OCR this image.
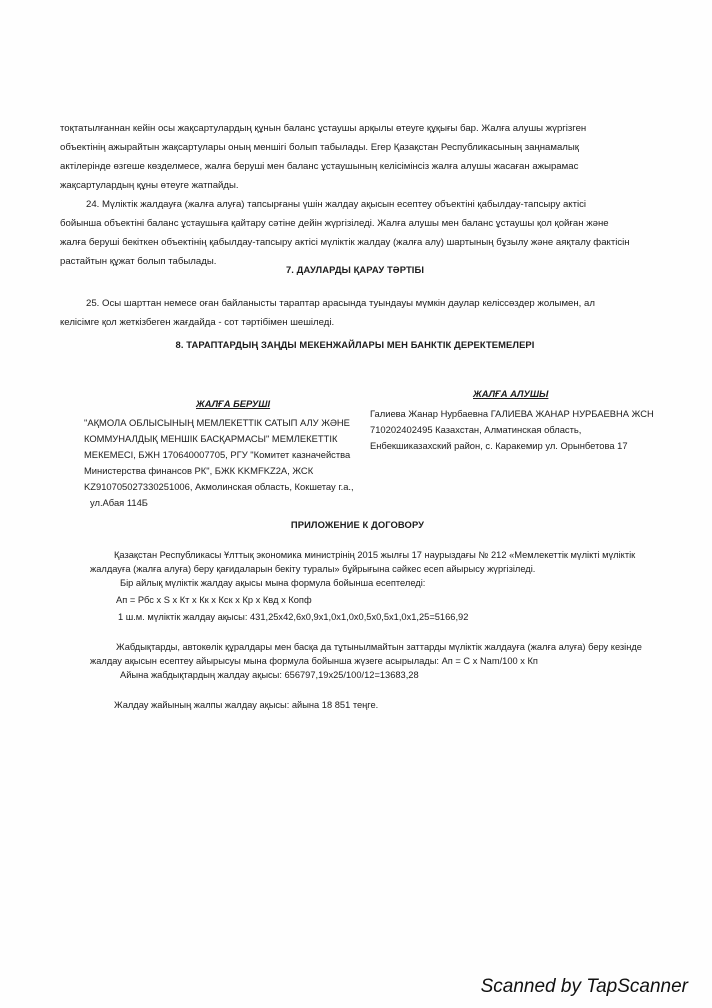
тоқтатылғаннан кейін осы жақсартулардың құнын баланс ұстаушы арқылы өтеуге құқығы бар. Жалға алушы жүргізген

объектінің ажырайтын жақсартулары оның меншігі болып табылады. Егер Қазақстан Республикасының заңнамалық

актілерінде өзгеше көзделмесе, жалға беруші мен баланс ұстаушының келісімінсіз жалға алушы жасаған ажырамас

жақсартулардың құны өтеуге жатпайды.

24. Мүліктік жалдауға (жалға алуға) тапсырғаны үшін жалдау ақысын есептеу объектіні қабылдау-тапсыру актісі

бойынша объектіні баланс ұстаушыға қайтару сәтіне дейін жүргізіледі. Жалға алушы мен баланс ұстаушы қол қойған және

жалға беруші бекіткен объектінің қабылдау-тапсыру актісі мүліктік жалдау (жалға алу) шартының бұзылу және аяқталу фактісін

растайтын құжат болып табылады.

7. ДАУЛАРДЫ ҚАРАУ ТӘРТІБІ

25. Осы шарттан немесе оған байланысты тараптар арасында туындауы мүмкін даулар келіссөздер жолымен, ал

келісімге қол жеткізбеген жағдайда - сот тәртібімен шешіледі.

8. ТАРАПТАРДЫҢ ЗАҢДЫ МЕКЕНЖАЙЛАРЫ МЕН БАНКТІК ДЕРЕКТЕМЕЛЕРІ
ЖАЛҒА БЕРУШІ
"АҚМОЛА ОБЛЫСЫНЫҢ МЕМЛЕКЕТТІК САТЫП АЛУ ЖӘНЕ
КОММУНАЛДЫҚ МЕНШІК БАСҚАРМАСЫ" МЕМЛЕКЕТТІК
МЕКЕМЕСІ, БЖН 170640007705, РГУ "Комитет казначейства
Министерства финансов РК", БЖК KKMFKZ2A, ЖСК
KZ910705027330251006, Акмолинская область, Кокшетау г.а.,
ул.Абая 114Б
ЖАЛҒА АЛУШЫ
Галиева Жанар Нурбаевна ГАЛИЕВА ЖАНАР НУРБАЕВНА ЖСН
710202402495 Казахстан, Алматинская область,
Енбекшиказахский район, с. Каракемир ул. Орынбетова 17
ПРИЛОЖЕНИЕ К ДОГОВОРУ

Қазақстан Республикасы Ұлттық экономика министрінің 2015 жылғы 17 наурыздағы № 212 «Мемлекеттік мүлікті мүліктік

жалдауға (жалға алуға) беру қағидаларын бекіту туралы» бұйрығына сәйкес есеп айырысу жүргізіледі.

Бір айлық мүліктік жалдау ақысы мына формула бойынша есептеледі:

Ап = Рбс х S х Кт х Кк х Кск х Кр х Квд х Копф

1 ш.м. мүліктік жалдау ақысы: 431,25х42,6х0,9х1,0х1,0х0,5х0,5х1,0х1,25=5166,92

Жабдықтарды, автокөлік құралдары мен басқа да тұтынылмайтын заттарды мүліктік жалдауға (жалға алуға) беру кезінде

жалдау ақысын есептеу айырысуы мына формула бойынша жүзеге асырылады: Ап = С х Nam/100 х Кп

Айына жабдықтардың жалдау ақысы: 656797,19х25/100/12=13683,28

Жалдау жайының жалпы жалдау ақысы: айына 18 851 теңге.

Scanned by TapScanner
